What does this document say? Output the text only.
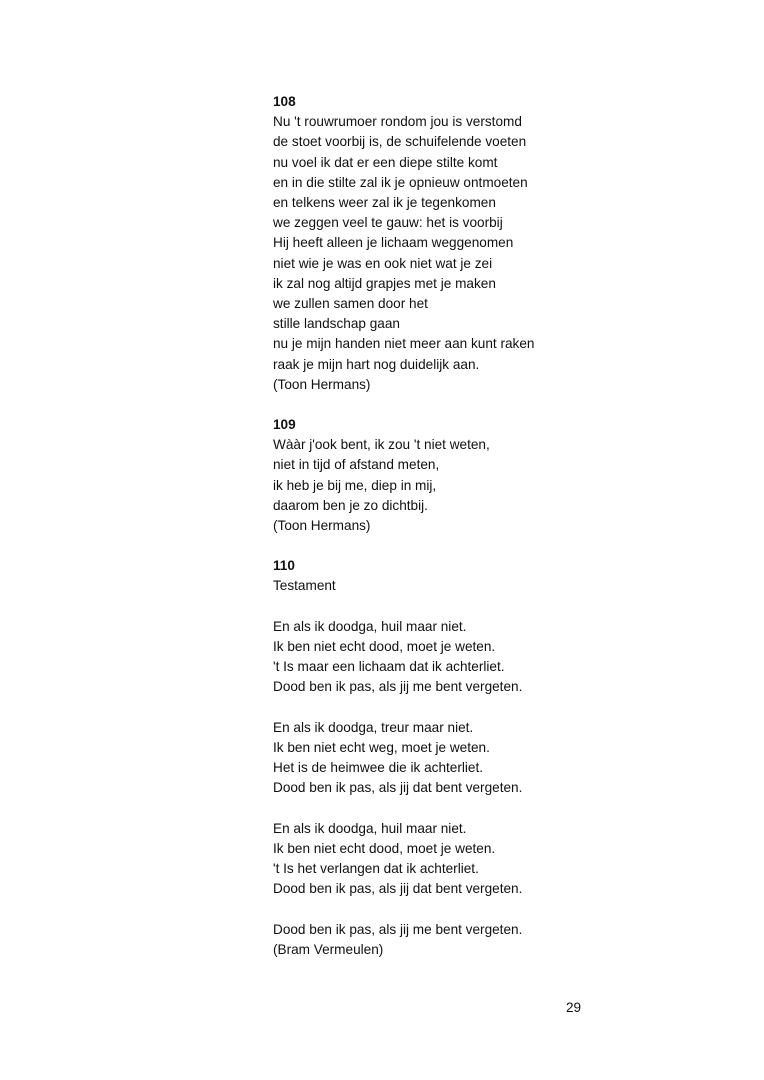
108
Nu 't rouwrumoer rondom jou is verstomd
de stoet voorbij is, de schuifelende voeten
nu voel ik dat er een diepe stilte komt
en in die stilte zal ik je opnieuw ontmoeten
en telkens weer zal ik je tegenkomen
we zeggen veel te gauw: het is voorbij
Hij heeft alleen je lichaam weggenomen
niet wie je was en ook niet wat je zei
ik zal nog altijd grapjes met je maken
we zullen samen door het
stille landschap gaan
nu je mijn handen niet meer aan kunt raken
raak je mijn hart nog duidelijk aan.
(Toon Hermans)
109
Wààr j'ook bent, ik zou 't niet weten,
niet in tijd of afstand meten,
ik heb je bij me, diep in mij,
daarom ben je zo dichtbij.
(Toon Hermans)
110
Testament
En als ik doodga, huil maar niet.
Ik ben niet echt dood, moet je weten.
't Is maar een lichaam dat ik achterliet.
Dood ben ik pas, als jij me bent vergeten.
En als ik doodga, treur maar niet.
Ik ben niet echt weg, moet je weten.
Het is de heimwee die ik achterliet.
Dood ben ik pas, als jij dat bent vergeten.
En als ik doodga, huil maar niet.
Ik ben niet echt dood, moet je weten.
't Is het verlangen dat ik achterliet.
Dood ben ik pas, als jij dat bent vergeten.
Dood ben ik pas, als jij me bent vergeten.
(Bram Vermeulen)
29
